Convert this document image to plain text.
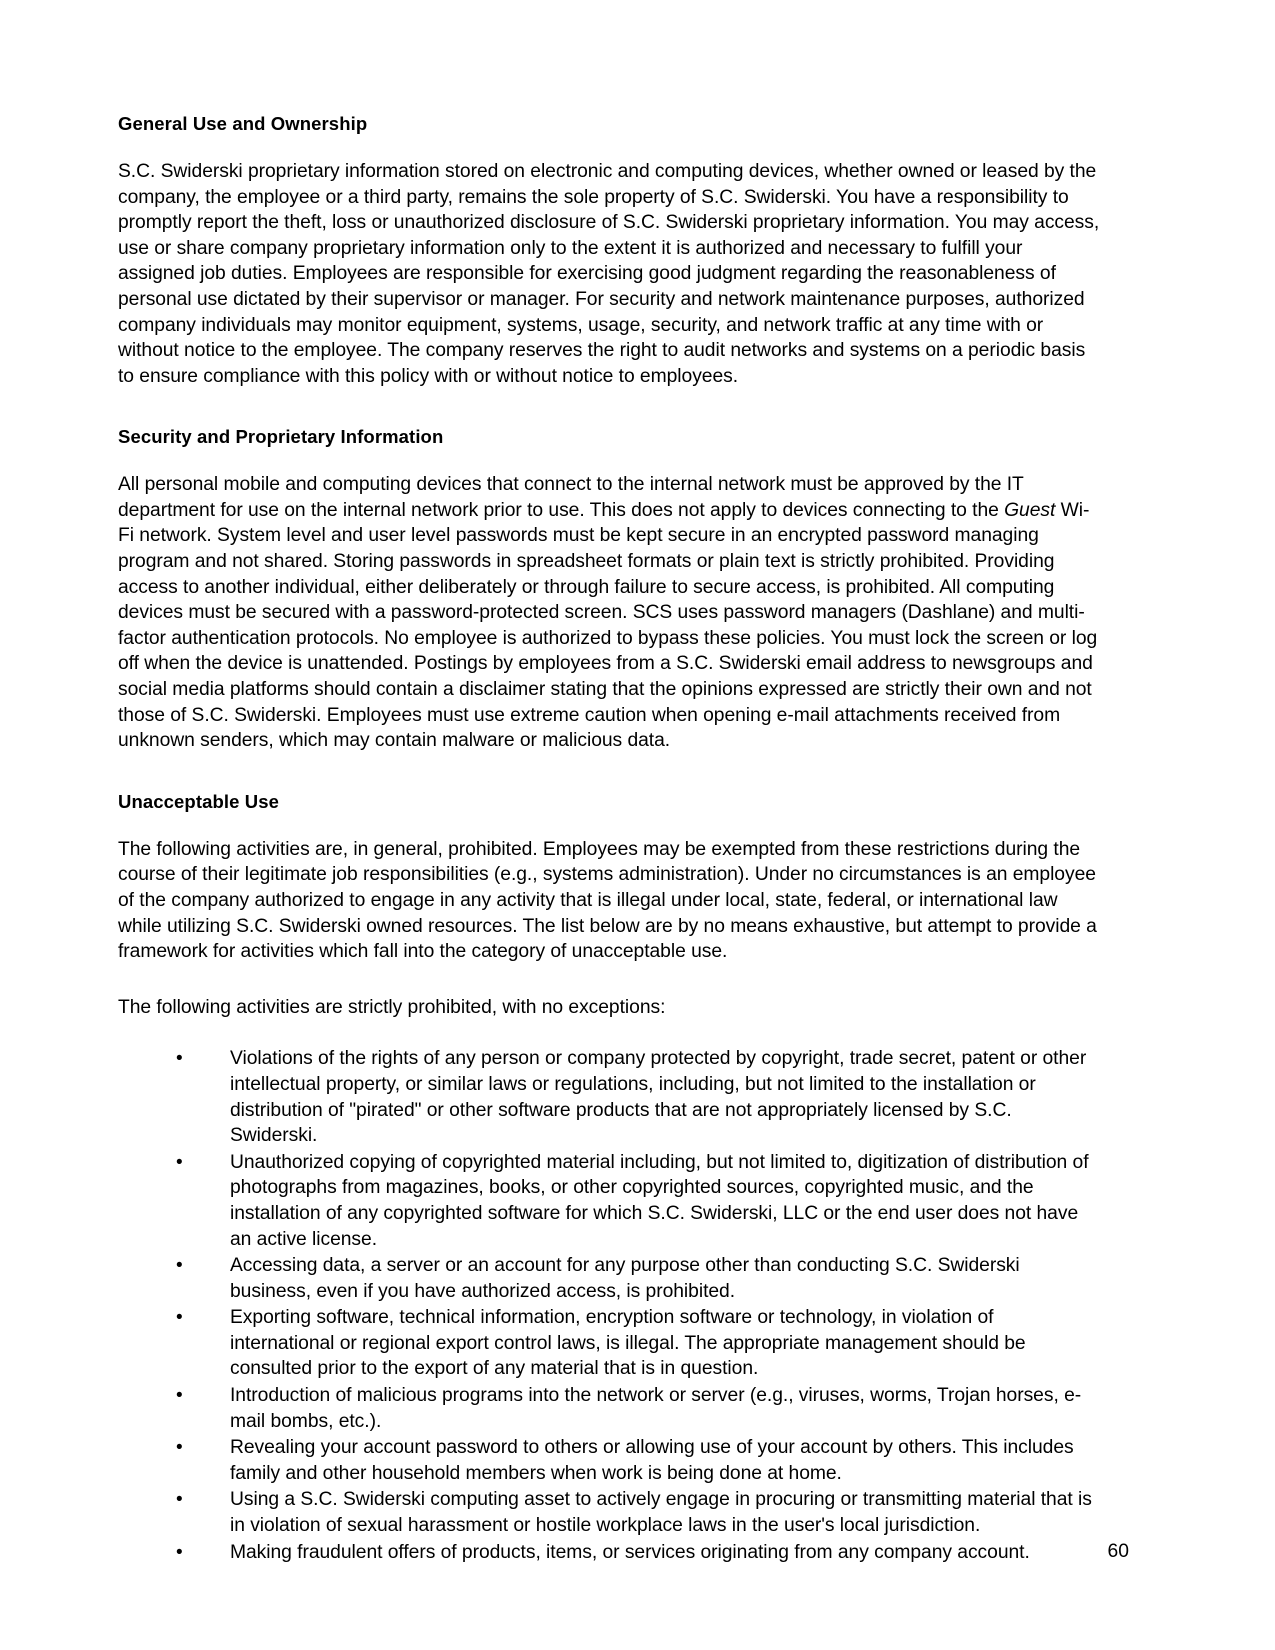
General Use and Ownership

S.C. Swiderski proprietary information stored on electronic and computing devices, whether owned or leased by the company, the employee or a third party, remains the sole property of S.C. Swiderski. You have a responsibility to promptly report the theft, loss or unauthorized disclosure of S.C. Swiderski proprietary information. You may access, use or share company proprietary information only to the extent it is authorized and necessary to fulfill your assigned job duties. Employees are responsible for exercising good judgment regarding the reasonableness of personal use dictated by their supervisor or manager. For security and network maintenance purposes, authorized company individuals may monitor equipment, systems, usage, security, and network traffic at any time with or without notice to the employee. The company reserves the right to audit networks and systems on a periodic basis to ensure compliance with this policy with or without notice to employees.

Security and Proprietary Information

All personal mobile and computing devices that connect to the internal network must be approved by the IT department for use on the internal network prior to use. This does not apply to devices connecting to the Guest Wi-Fi network. System level and user level passwords must be kept secure in an encrypted password managing program and not shared. Storing passwords in spreadsheet formats or plain text is strictly prohibited. Providing access to another individual, either deliberately or through failure to secure access, is prohibited. All computing devices must be secured with a password-protected screen. SCS uses password managers (Dashlane) and multi-factor authentication protocols. No employee is authorized to bypass these policies. You must lock the screen or log off when the device is unattended. Postings by employees from a S.C. Swiderski email address to newsgroups and social media platforms should contain a disclaimer stating that the opinions expressed are strictly their own and not those of S.C. Swiderski. Employees must use extreme caution when opening e-mail attachments received from unknown senders, which may contain malware or malicious data.

Unacceptable Use

The following activities are, in general, prohibited. Employees may be exempted from these restrictions during the course of their legitimate job responsibilities (e.g., systems administration). Under no circumstances is an employee of the company authorized to engage in any activity that is illegal under local, state, federal, or international law while utilizing S.C. Swiderski owned resources. The list below are by no means exhaustive, but attempt to provide a framework for activities which fall into the category of unacceptable use.

The following activities are strictly prohibited, with no exceptions:

• Violations of the rights of any person or company protected by copyright, trade secret, patent or other intellectual property, or similar laws or regulations, including, but not limited to the installation or distribution of "pirated" or other software products that are not appropriately licensed by S.C. Swiderski.
• Unauthorized copying of copyrighted material including, but not limited to, digitization of distribution of photographs from magazines, books, or other copyrighted sources, copyrighted music, and the installation of any copyrighted software for which S.C. Swiderski, LLC or the end user does not have an active license.
• Accessing data, a server or an account for any purpose other than conducting S.C. Swiderski business, even if you have authorized access, is prohibited.
• Exporting software, technical information, encryption software or technology, in violation of international or regional export control laws, is illegal. The appropriate management should be consulted prior to the export of any material that is in question.
• Introduction of malicious programs into the network or server (e.g., viruses, worms, Trojan horses, e-mail bombs, etc.).
• Revealing your account password to others or allowing use of your account by others. This includes family and other household members when work is being done at home.
• Using a S.C. Swiderski computing asset to actively engage in procuring or transmitting material that is in violation of sexual harassment or hostile workplace laws in the user's local jurisdiction.
• Making fraudulent offers of products, items, or services originating from any company account.	60
